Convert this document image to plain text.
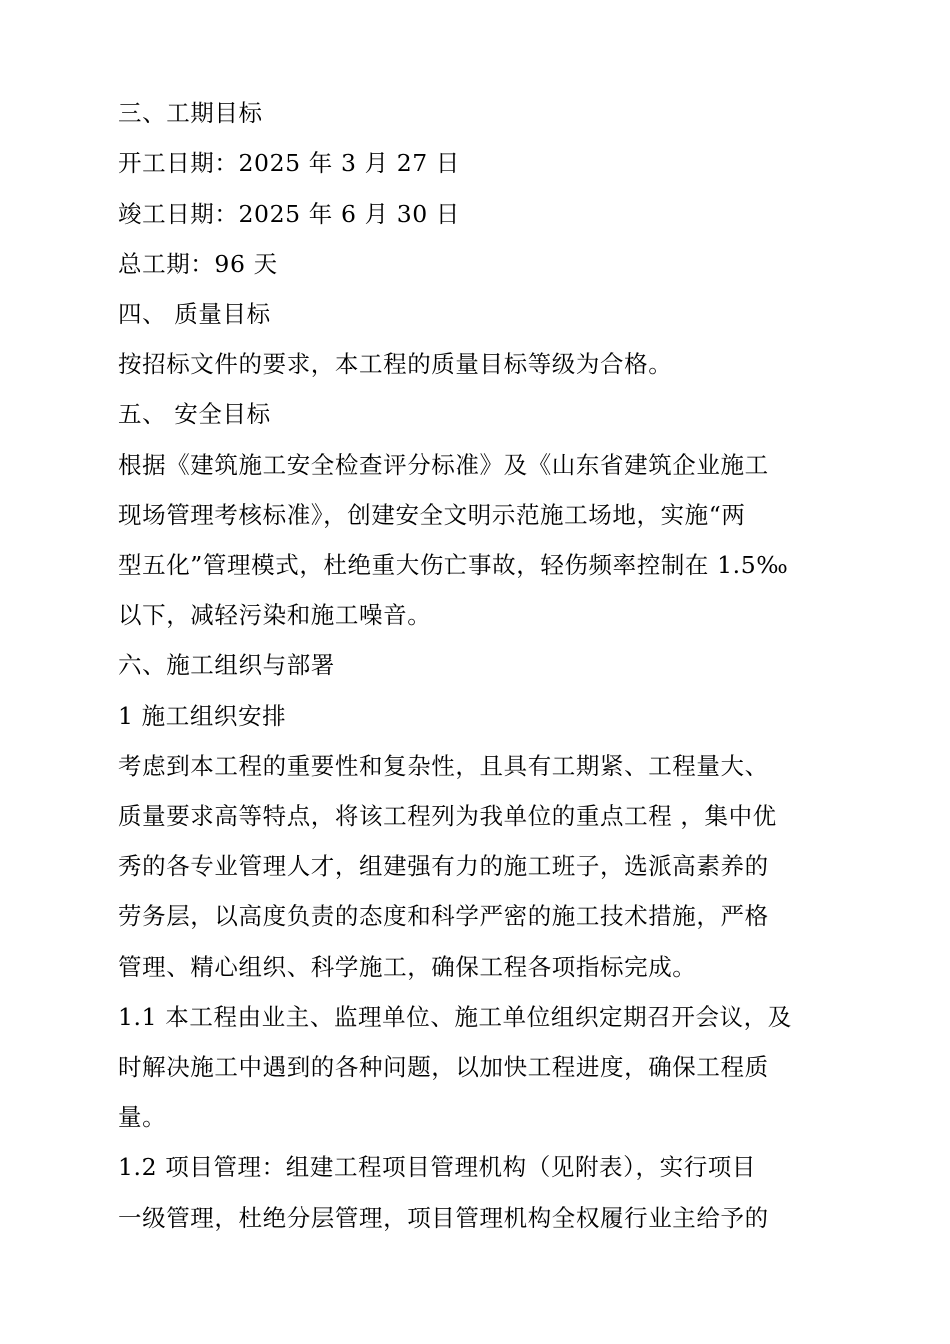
三、工期目标
开工日期：2025 年 3 月 27 日
竣工日期：2025 年 6 月 30 日
总工期：96 天
四、 质量目标
按招标文件的要求，本工程的质量目标等级为合格。
五、 安全目标
根据《建筑施工安全检查评分标准》及《山东省建筑企业施工
现场管理考核标准》，创建安全文明示范施工场地，实施“两
型五化”管理模式，杜绝重大伤亡事故，轻伤频率控制在 1.5‰
以下，减轻污染和施工噪音。
六、施工组织与部署
1 施工组织安排
考虑到本工程的重要性和复杂性，且具有工期紧、工程量大、
质量要求高等特点，将该工程列为我单位的重点工程 ，集中优
秀的各专业管理人才，组建强有力的施工班子，选派高素养的
劳务层，以高度负责的态度和科学严密的施工技术措施，严格
管理、精心组织、科学施工，确保工程各项指标完成。
1.1 本工程由业主、监理单位、施工单位组织定期召开会议，及
时解决施工中遇到的各种问题，以加快工程进度，确保工程质
量。
1.2 项目管理：组建工程项目管理机构（见附表），实行项目
一级管理，杜绝分层管理，项目管理机构全权履行业主给予的
